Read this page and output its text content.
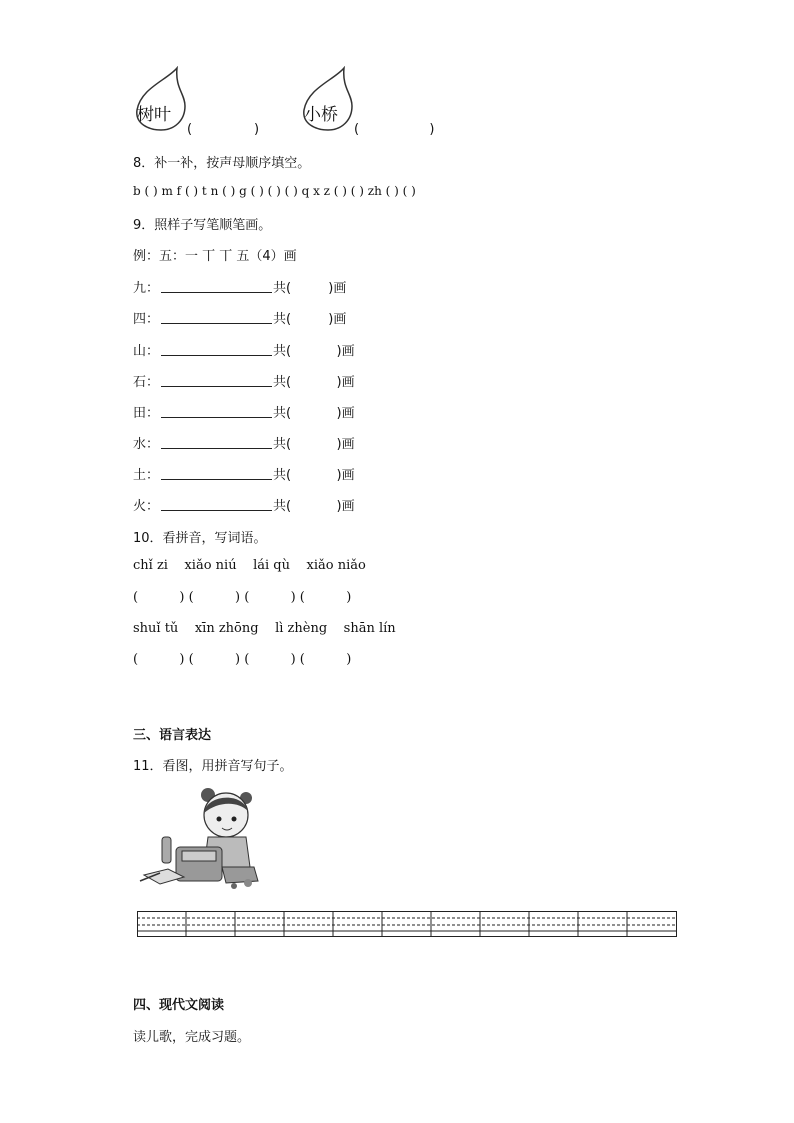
树叶
(               )
小桥
(                 )
8．补一补，按声母顺序填空。
b ( ) m f ( ) t n ( ) g ( ) ( ) ( ) q x z ( ) ( ) zh ( ) ( )
9．照样子写笔顺笔画。
例：五：一 丅 丅 五（4）画

九：

	共(         )画

四：

	共(         )画

山：

	共(           )画

石：

	共(           )画

田：

	共(           )画

水：

	共(           )画

土：

	共(           )画

火：

	共(           )画

10．看拼音，写词语。
chǐ zi    xiǎo niú    lái qù    xiǎo niǎo
(          ) (          ) (          ) (          )
shuǐ tǔ    xīn zhōng    lì zhèng    shān lín
(          ) (          ) (          ) (          )
三、语言表达
11．看图，用拼音写句子。
四、现代文阅读
读儿歌，完成习题。
